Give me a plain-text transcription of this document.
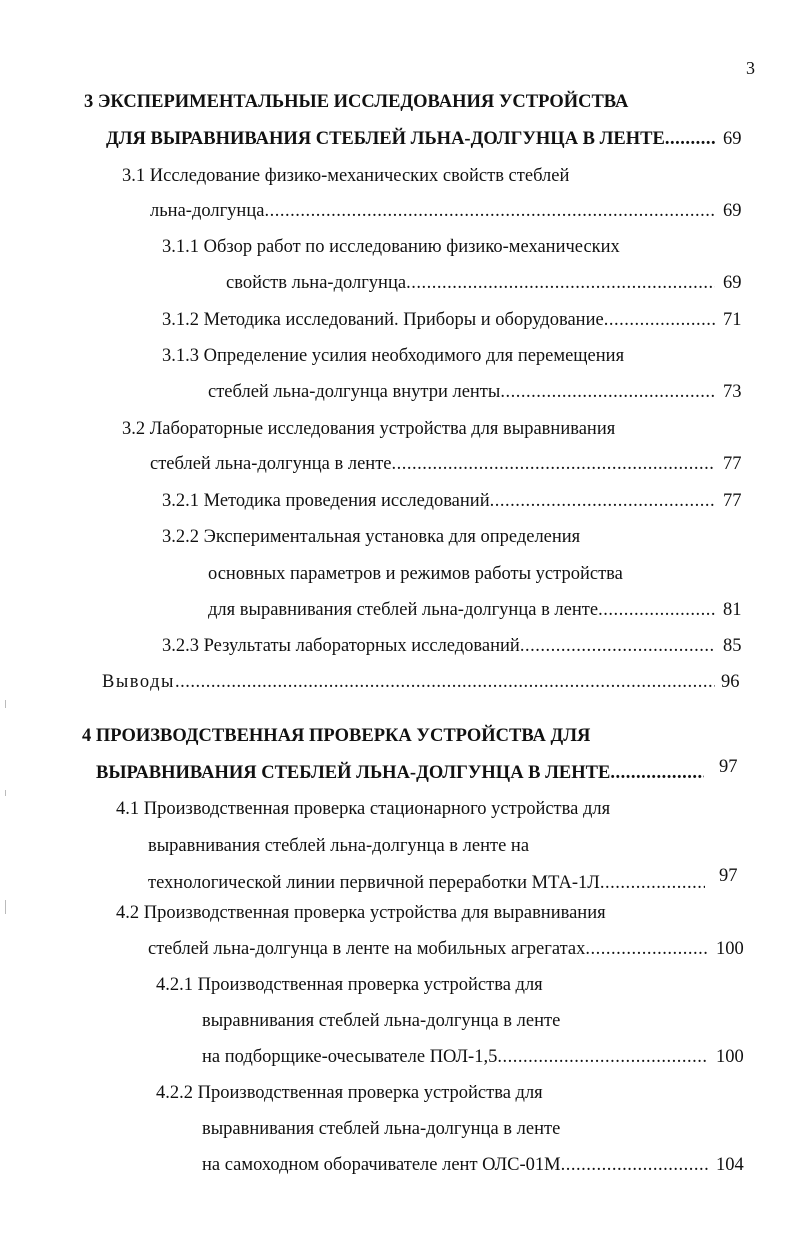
3
3 ЭКСПЕРИМЕНТАЛЬНЫЕ ИССЛЕДОВАНИЯ УСТРОЙСТВА
ДЛЯ ВЫРАВНИВАНИЯ СТЕБЛЕЙ ЛЬНА-ДОЛГУНЦА В ЛЕНТЕ .....	69
3.1 Исследование физико-механических свойств стеблей
льна-долгунца .....	69
3.1.1 Обзор работ по исследованию физико-механических
свойств льна-долгунца .....	69
3.1.2 Методика исследований. Приборы и оборудование .....	71
3.1.3 Определение усилия необходимого для перемещения
стеблей льна-долгунца внутри ленты .....	73
3.2 Лабораторные исследования устройства для выравнивания
стеблей льна-долгунца в ленте .....	77
3.2.1 Методика проведения исследований .....	77
3.2.2 Экспериментальная установка для определения
основных параметров и режимов работы устройства
для выравнивания стеблей льна-долгунца в ленте .....	81
3.2.3 Результаты лабораторных исследований .....	85
Выводы .....	96
4 ПРОИЗВОДСТВЕННАЯ ПРОВЕРКА УСТРОЙСТВА ДЛЯ
ВЫРАВНИВАНИЯ СТЕБЛЕЙ ЛЬНА-ДОЛГУНЦА В ЛЕНТЕ .....	97
4.1 Производственная проверка стационарного устройства для
выравнивания стеблей льна-долгунца в ленте на
технологической линии первичной переработки МТА-1Л .....	97
4.2 Производственная проверка устройства для выравнивания
стеблей льна-долгунца в ленте на мобильных агрегатах .....	100
4.2.1 Производственная проверка устройства для
выравнивания стеблей льна-долгунца в ленте
на подборщике-очесывателе ПОЛ-1,5 .....	100
4.2.2 Производственная проверка устройства для
выравнивания стеблей льна-долгунца в ленте
на самоходном оборачивателе лент ОЛС-01М .....	104
